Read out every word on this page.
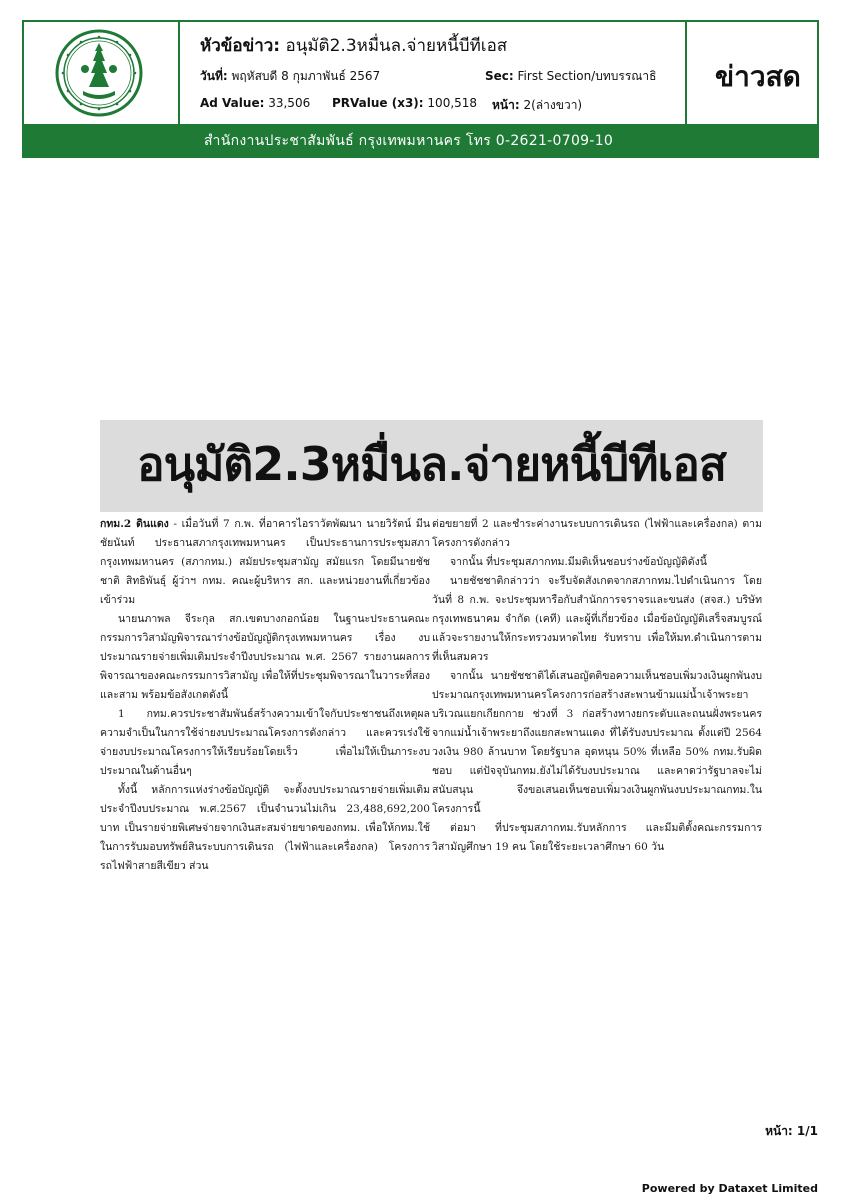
หัวข้อข่าว: อนุมัติ2.3หมื่นล.จ่ายหนี้บีทีเอส
วันที่: พฤหัสบดี 8 กุมภาพันธ์ 2567	Sec: First Section/บทบรรณาธิ
Ad Value: 33,506 PRValue (x3): 100,518 หน้า: 2(ล่างขวา)
ข่าวสด
สำนักงานประชาสัมพันธ์ กรุงเทพมหานคร โทร 0-2621-0709-10
อนุมัติ2.3หมื่นล.จ่ายหนี้บีทีเอส

กทม.2 ดินแดง - เมื่อวันที่ 7 ก.พ. ที่อาคารไอราวัตพัฒนา นายวิรัตน์ มีนชัยนันท์ ประธานสภากรุงเทพมหานคร เป็นประธานการประชุมสภากรุงเทพมหานคร (สภากทม.) สมัยประชุมสามัญ สมัยแรก โดยมีนายชัชชาติ สิทธิพันธุ์ ผู้ว่าฯ กทม. คณะผู้บริหาร สก. และหน่วยงานที่เกี่ยวข้อง เข้าร่วม

นายนภาพล จีระกุล สก.เขตบางกอกน้อย ในฐานะประธานคณะกรรมการวิสามัญพิจารณาร่างข้อบัญญัติกรุงเทพมหานคร เรื่อง งบประมาณรายจ่ายเพิ่มเติมประจำปีงบประมาณ พ.ศ. 2567 รายงานผลการพิจารณาของคณะกรรมการวิสามัญ เพื่อให้ที่ประชุมพิจารณาในวาระที่สองและสาม พร้อมข้อสังเกตดังนี้

1 กทม.ควรประชาสัมพันธ์สร้างความเข้าใจกับประชาชนถึงเหตุผลความจำเป็นในการใช้จ่ายงบประมาณโครงการดังกล่าว และควรเร่งใช้จ่ายงบประมาณโครงการให้เรียบร้อยโดยเร็ว เพื่อไม่ให้เป็นภาระงบประมาณในด้านอื่นๆ

ทั้งนี้ หลักการแห่งร่างข้อบัญญัติ จะตั้งงบประมาณรายจ่ายเพิ่มเติมประจำปีงบประมาณ พ.ศ.2567 เป็นจำนวนไม่เกิน 23,488,692,200 บาท เป็นรายจ่ายพิเศษจ่ายจากเงินสะสมจ่ายขาดของกทม. เพื่อให้กทม.ใช้ในการรับมอบทรัพย์สินระบบการเดินรถ (ไฟฟ้าและเครื่องกล) โครงการรถไฟฟ้าสายสีเขียว ส่วน

ต่อขยายที่ 2 และชำระค่างานระบบการเดินรถ (ไฟฟ้าและเครื่องกล) ตามโครงการดังกล่าว

จากนั้น ที่ประชุมสภากทม.มีมติเห็นชอบร่างข้อบัญญัติดังนี้

นายชัชชาติกล่าวว่า จะรีบจัดสังเกตจากสภากทม.ไปดำเนินการ โดยวันที่ 8 ก.พ. จะประชุมหารือกับสำนักการจราจรและขนส่ง (สจส.) บริษัทกรุงเทพธนาคม จำกัด (เคที) และผู้ที่เกี่ยวข้อง เมื่อข้อบัญญัติเสร็จสมบูรณ์แล้วจะรายงานให้กระทรวงมหาดไทย รับทราบ เพื่อให้มท.ดำเนินการตามที่เห็นสมควร

จากนั้น นายชัชชาติได้เสนอญัตติขอความเห็นชอบเพิ่มวงเงินผูกพันงบประมาณกรุงเทพมหานครโครงการก่อสร้างสะพานข้ามแม่น้ำเจ้าพระยา บริเวณแยกเกียกกาย ช่วงที่ 3 ก่อสร้างทางยกระดับและถนนฝั่งพระนครจากแม่น้ำเจ้าพระยาถึงแยกสะพานแดง ที่ได้รับงบประมาณ ตั้งแต่ปี 2564 วงเงิน 980 ล้านบาท โดยรัฐบาล อุดหนุน 50% ที่เหลือ 50% กทม.รับผิดชอบ แต่ปัจจุบันกทม.ยังไม่ได้รับงบประมาณ และคาดว่ารัฐบาลจะไม่สนับสนุน จึงขอเสนอเห็นชอบเพิ่มวงเงินผูกพันงบประมาณกทม.ในโครงการนี้

ต่อมา ที่ประชุมสภากทม.รับหลักการ และมีมติตั้งคณะกรรมการวิสามัญศึกษา 19 คน โดยใช้ระยะเวลาศึกษา 60 วัน

หน้า: 1/1
Powered by Dataxet Limited
